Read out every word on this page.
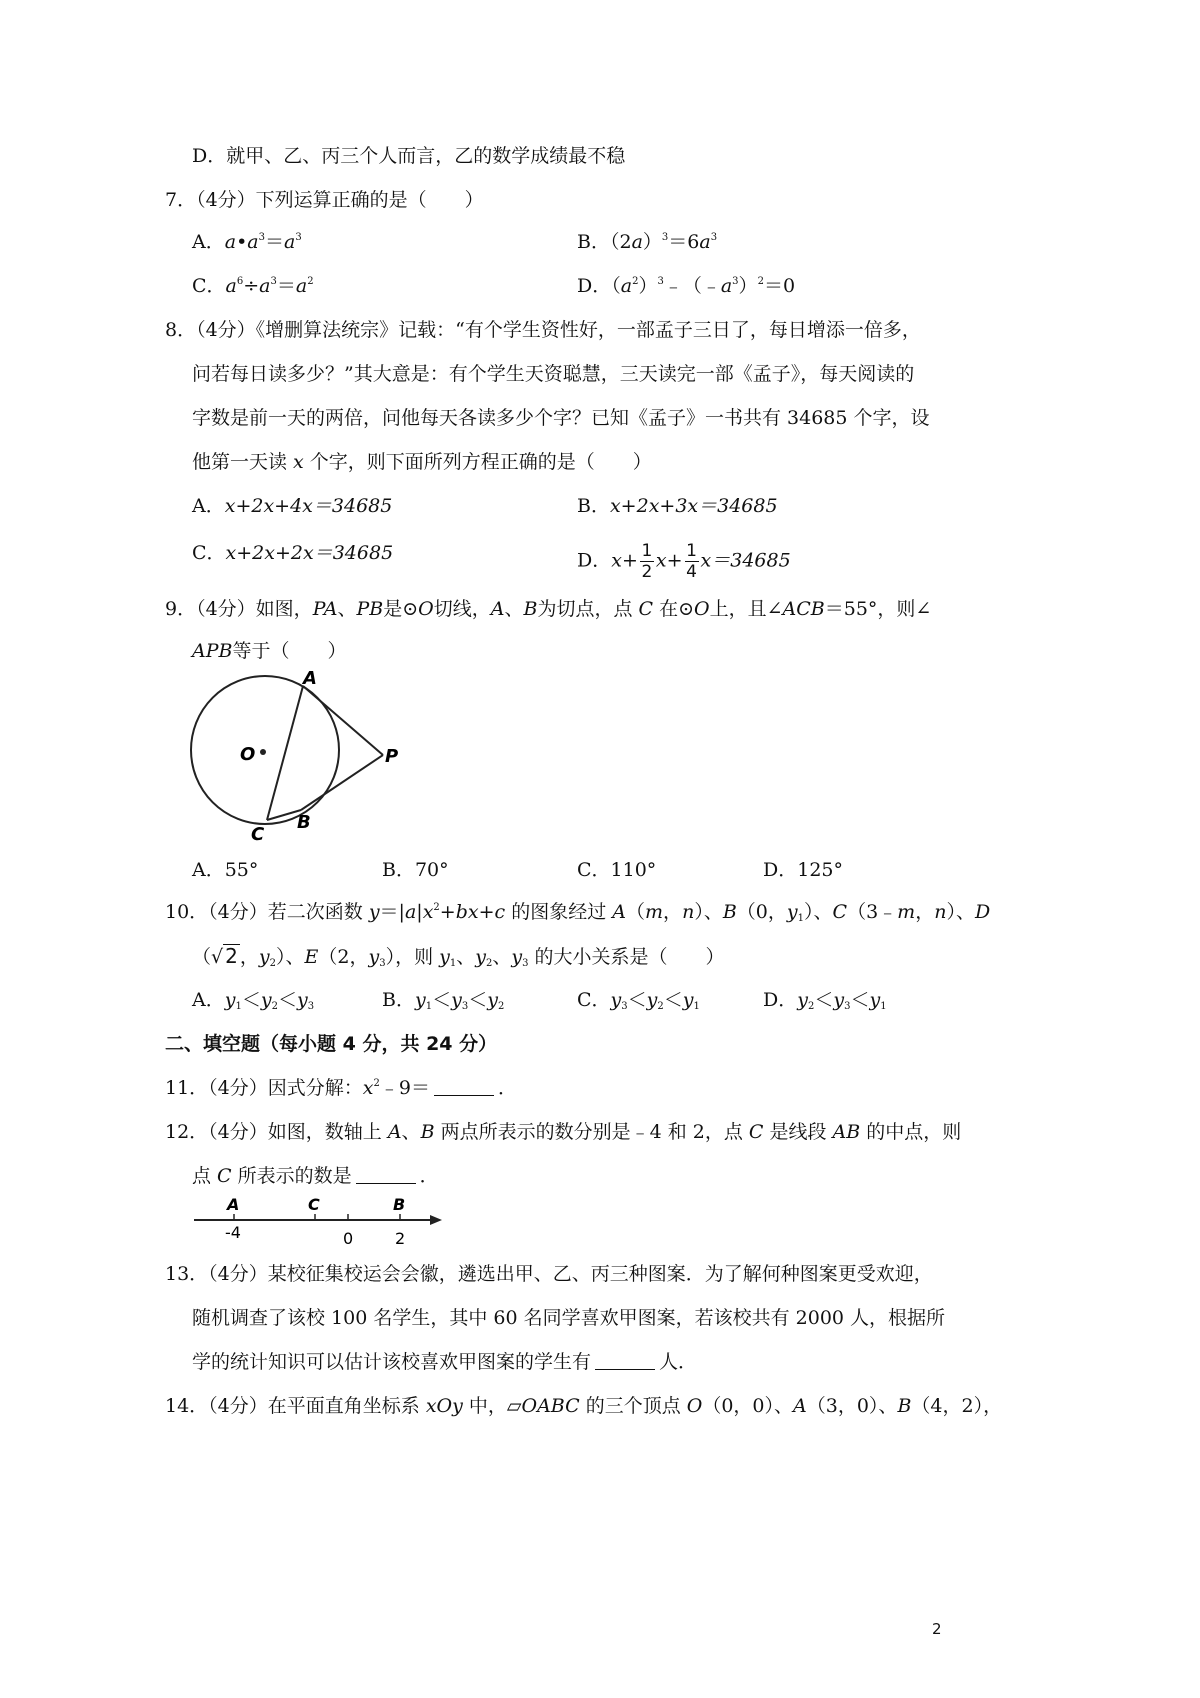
D．就甲、乙、丙三个人而言，乙的数学成绩最不稳
7．（4分）下列运算正确的是（　　）
A．$a•a^3=a^3$	B．$(2a)^3=6a^3$
C．$a^6\div a^3=a^2$	D．$(a^2)^3﹣(﹣a^3)^2=0$
8．（4分）《增删算法统宗》记载：“有个学生资性好，一部孟子三日了，每日增添一倍多，
问若每日读多少？”其大意是：有个学生天资聪慧，三天读完一部《孟子》，每天阅读的
字数是前一天的两倍，问他每天各读多少个字？已知《孟子》一书共有 34685 个字，设
他第一天读 x 个字，则下面所列方程正确的是（　　）
A．x+2x+4x＝34685	B．x+2x+3x＝34685
C．x+2x+2x＝34685	D．$x+ \frac{1}{2} x+ \frac{1}{4} x=34685$
9．（4分）如图，PA、PB是⊙O切线，A、B为切点，点 C 在⊙O上，且∠ACB＝55°，则∠
APB等于（　　）
O
A
P
B
C
A．55°	B．70°	C．110°	D．125°
10．（4分）若二次函数 $y=|a|x^2+bx+c$ 的图象经过 A（m，n）、B（0，$y_1$）、C（3﹣m，n）、D
（√ 2 ，$y_2$）、E（2，$y_3$），则 $y_1$、$y_2$、$y_3$ 的大小关系是（　　）
A．$y_1<y_2<y_3$	B．$y_1<y_3<y_2$	C．$y_3<y_2<y_1$	D．$y_2<y_3<y_1$
二、填空题（每小题 4 分，共 24 分）
11．（4分）因式分解：$x^2﹣9=$	．
12．（4分）如图，数轴上 A、B 两点所表示的数分别是﹣4 和 2，点 C 是线段 AB 的中点，则
点 C 所表示的数是	．
A	C	B
-4	0	2
13．（4分）某校征集校运会会徽，遴选出甲、乙、丙三种图案．为了解何种图案更受欢迎，
随机调查了该校 100 名学生，其中 60 名同学喜欢甲图案，若该校共有 2000 人，根据所
学的统计知识可以估计该校喜欢甲图案的学生有	人．
14．（4分）在平面直角坐标系 xOy 中，▱OABC 的三个顶点 O（0，0）、A（3，0）、B（4，2），
2
